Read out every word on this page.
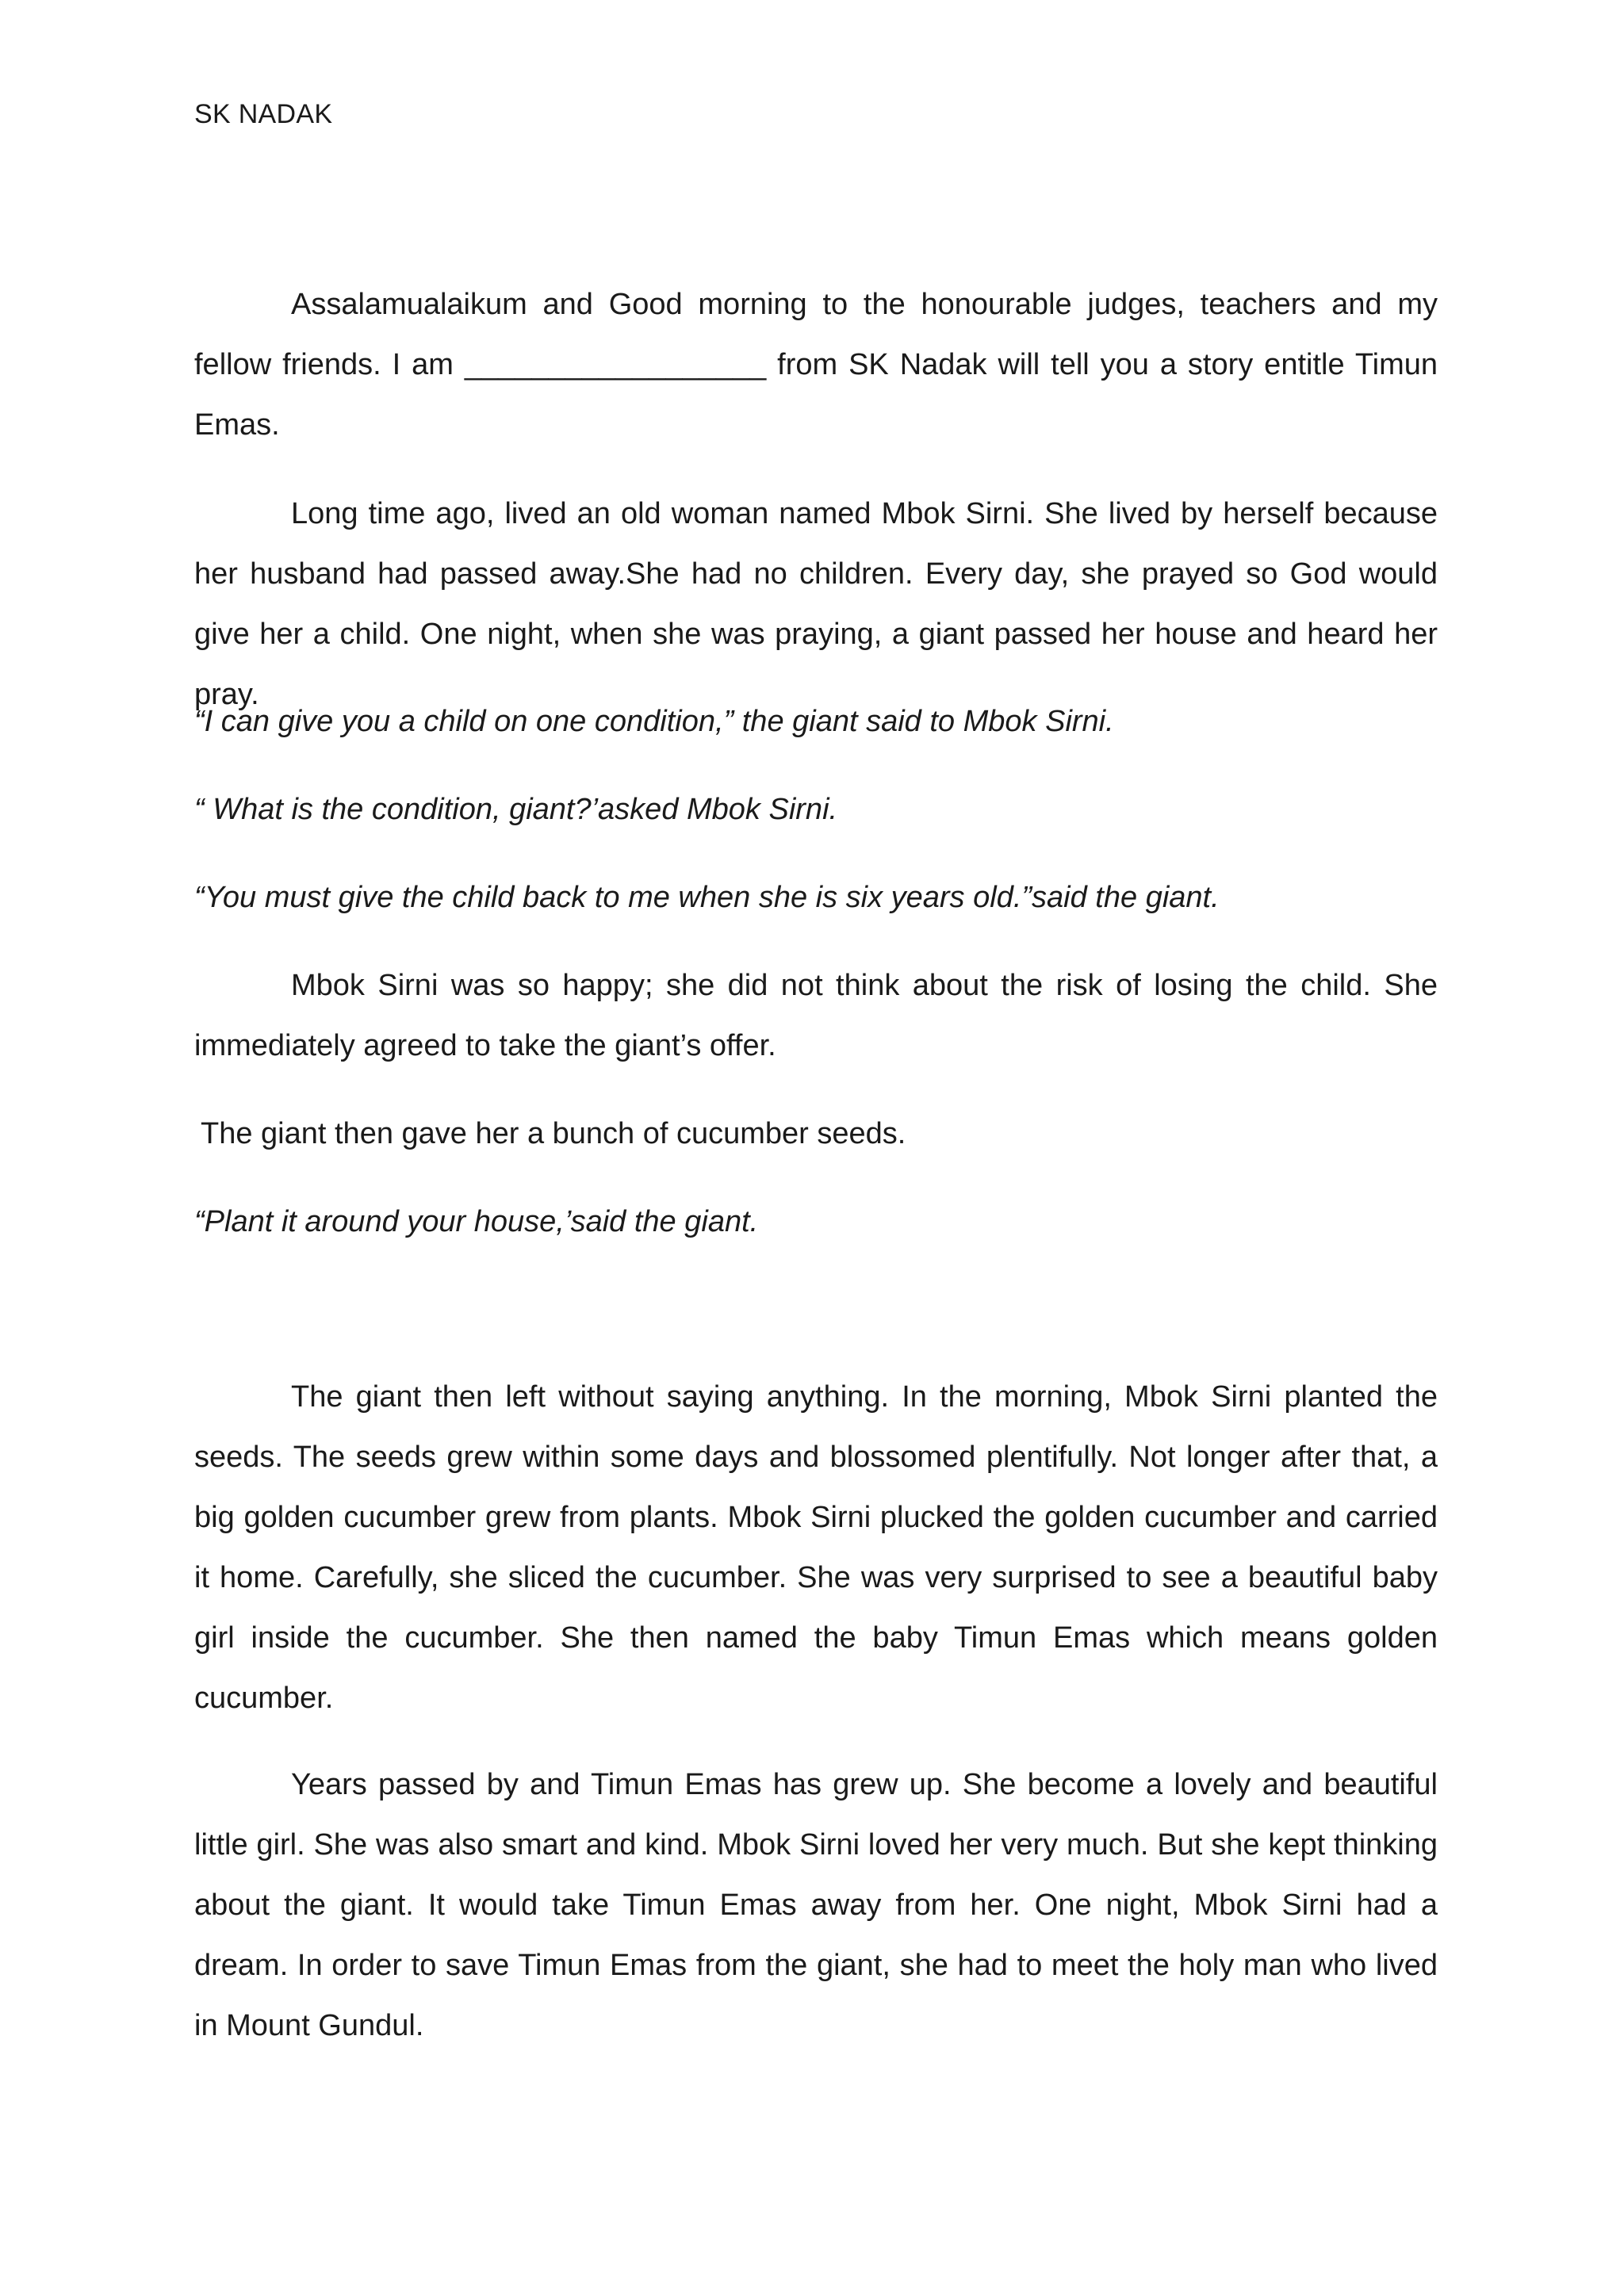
SK NADAK

Assalamualaikum and Good morning to the honourable judges, teachers and my fellow friends. I am __________________ from SK Nadak will tell you a story entitle Timun Emas.

Long time ago, lived an old woman named Mbok Sirni. She lived by herself because her husband had passed away.She had no children. Every day, she prayed so God would give her a child. One night, when she was praying, a giant passed her house and heard her pray.

“I can give you a child on one condition,” the giant said to Mbok Sirni.

“ What is the condition, giant?’asked Mbok Sirni.

“You must give the child back to me when she is six years old.”said the giant.

Mbok Sirni was so happy; she did not think about the risk of losing the child. She immediately agreed to take the giant’s offer.

The giant then gave her a bunch of cucumber seeds.

“Plant it around your house,’said the giant.

The giant then left without saying anything. In the morning, Mbok Sirni planted the seeds. The seeds grew within some days and blossomed plentifully. Not longer after that, a big golden cucumber grew from plants. Mbok Sirni plucked the golden cucumber and carried it home. Carefully, she sliced the cucumber. She was very surprised to see a beautiful baby girl inside the cucumber. She then named the baby Timun Emas which means golden cucumber.

Years passed by and Timun Emas has grew up. She become a lovely and beautiful little girl. She was also smart and kind. Mbok Sirni loved her very much. But she kept thinking about the giant. It would take Timun Emas away from her. One night, Mbok Sirni had a dream. In order to save Timun Emas from the giant, she had to meet the holy man who lived in Mount Gundul.
